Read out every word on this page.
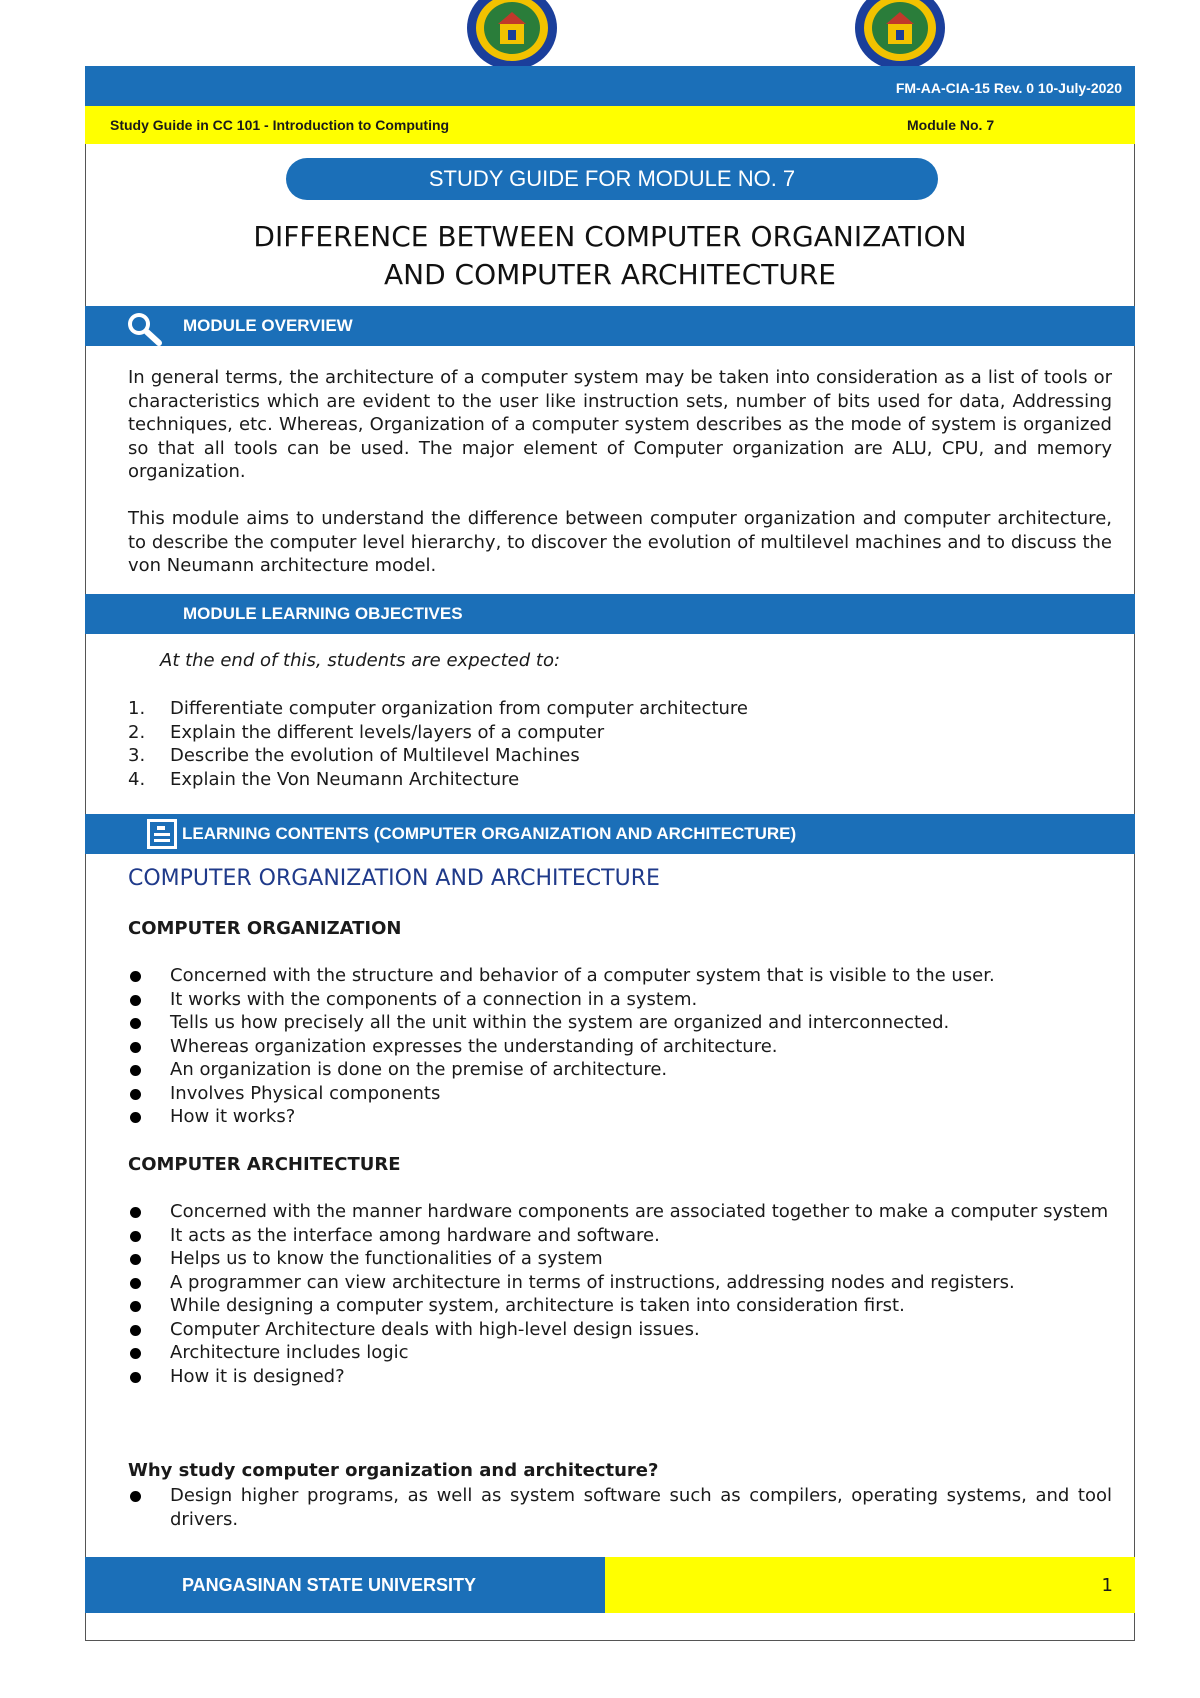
FM-AA-CIA-15 Rev. 0 10-July-2020
Study Guide in CC 101 - Introduction to Computing	Module No. 7
STUDY GUIDE FOR MODULE NO. 7
DIFFERENCE BETWEEN COMPUTER ORGANIZATION
AND COMPUTER ARCHITECTURE
MODULE OVERVIEW

In general terms, the architecture of a computer system may be taken into consideration as a list of tools or characteristics which are evident to the user like instruction sets, number of bits used for data, Addressing techniques, etc. Whereas, Organization of a computer system describes as the mode of system is organized so that all tools can be used. The major element of Computer organization are ALU, CPU, and memory organization.

This module aims to understand the difference between computer organization and computer architecture, to describe the computer level hierarchy, to discover the evolution of multilevel machines and to discuss the von Neumann architecture model.

MODULE LEARNING OBJECTIVES
At the end of this, students are expected to:
1. Differentiate computer organization from computer architecture
2. Explain the different levels/layers of a computer
3. Describe the evolution of Multilevel Machines
4. Explain the Von Neumann Architecture
LEARNING CONTENTS (COMPUTER ORGANIZATION AND ARCHITECTURE)
COMPUTER ORGANIZATION AND ARCHITECTURE
COMPUTER ORGANIZATION
Concerned with the structure and behavior of a computer system that is visible to the user.
It works with the components of a connection in a system.
Tells us how precisely all the unit within the system are organized and interconnected.
Whereas organization expresses the understanding of architecture.
An organization is done on the premise of architecture.
Involves Physical components
How it works?
COMPUTER ARCHITECTURE
Concerned with the manner hardware components are associated together to make a computer system
It acts as the interface among hardware and software.
Helps us to know the functionalities of a system
A programmer can view architecture in terms of instructions, addressing nodes and registers.
While designing a computer system, architecture is taken into consideration first.
Computer Architecture deals with high-level design issues.
Architecture includes logic
How it is designed?
Why study computer organization and architecture?
Design higher programs, as well as system software such as compilers, operating systems, and tool drivers.
PANGASINAN STATE UNIVERSITY	1
